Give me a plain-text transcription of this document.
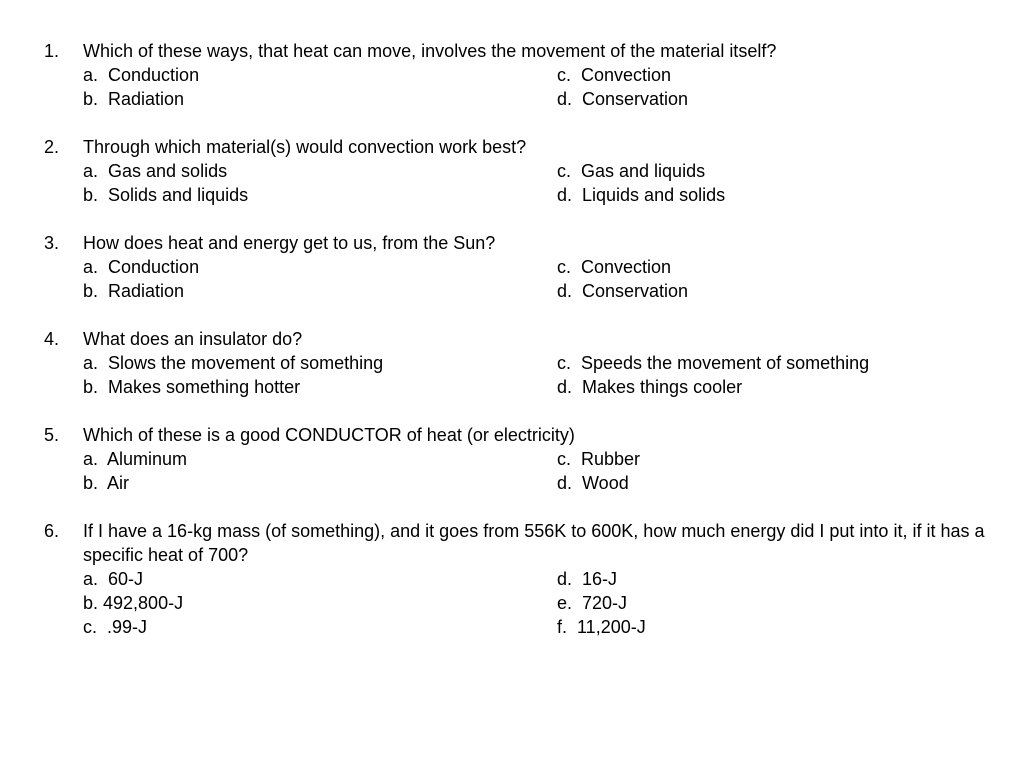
1.	Which of these ways, that heat can move, involves the movement of the material itself?
a.  Conduction	c.  Convection
b.  Radiation	d.  Conservation
2.	Through which material(s) would convection work best?
a.  Gas and solids	c.  Gas and liquids
b.  Solids and liquids	d.  Liquids and solids
3.	How does heat and energy get to us, from the Sun?
a.  Conduction	c.  Convection
b.  Radiation	d.  Conservation
4.	What does an insulator do?
a.  Slows the movement of something	c.  Speeds the movement of something
b.  Makes something hotter	d.  Makes things cooler
5.	Which of these is a good CONDUCTOR of heat (or electricity)
a.  Aluminum	c.  Rubber
b.  Air	d.  Wood
6.	If I have a 16-kg mass (of something), and it goes from 556K to 600K, how much energy did I put into it, if it has a specific heat of 700?
a.  60-J	d.  16-J
b. 492,800-J	e.  720-J
c.  .99-J	f.  11,200-J
